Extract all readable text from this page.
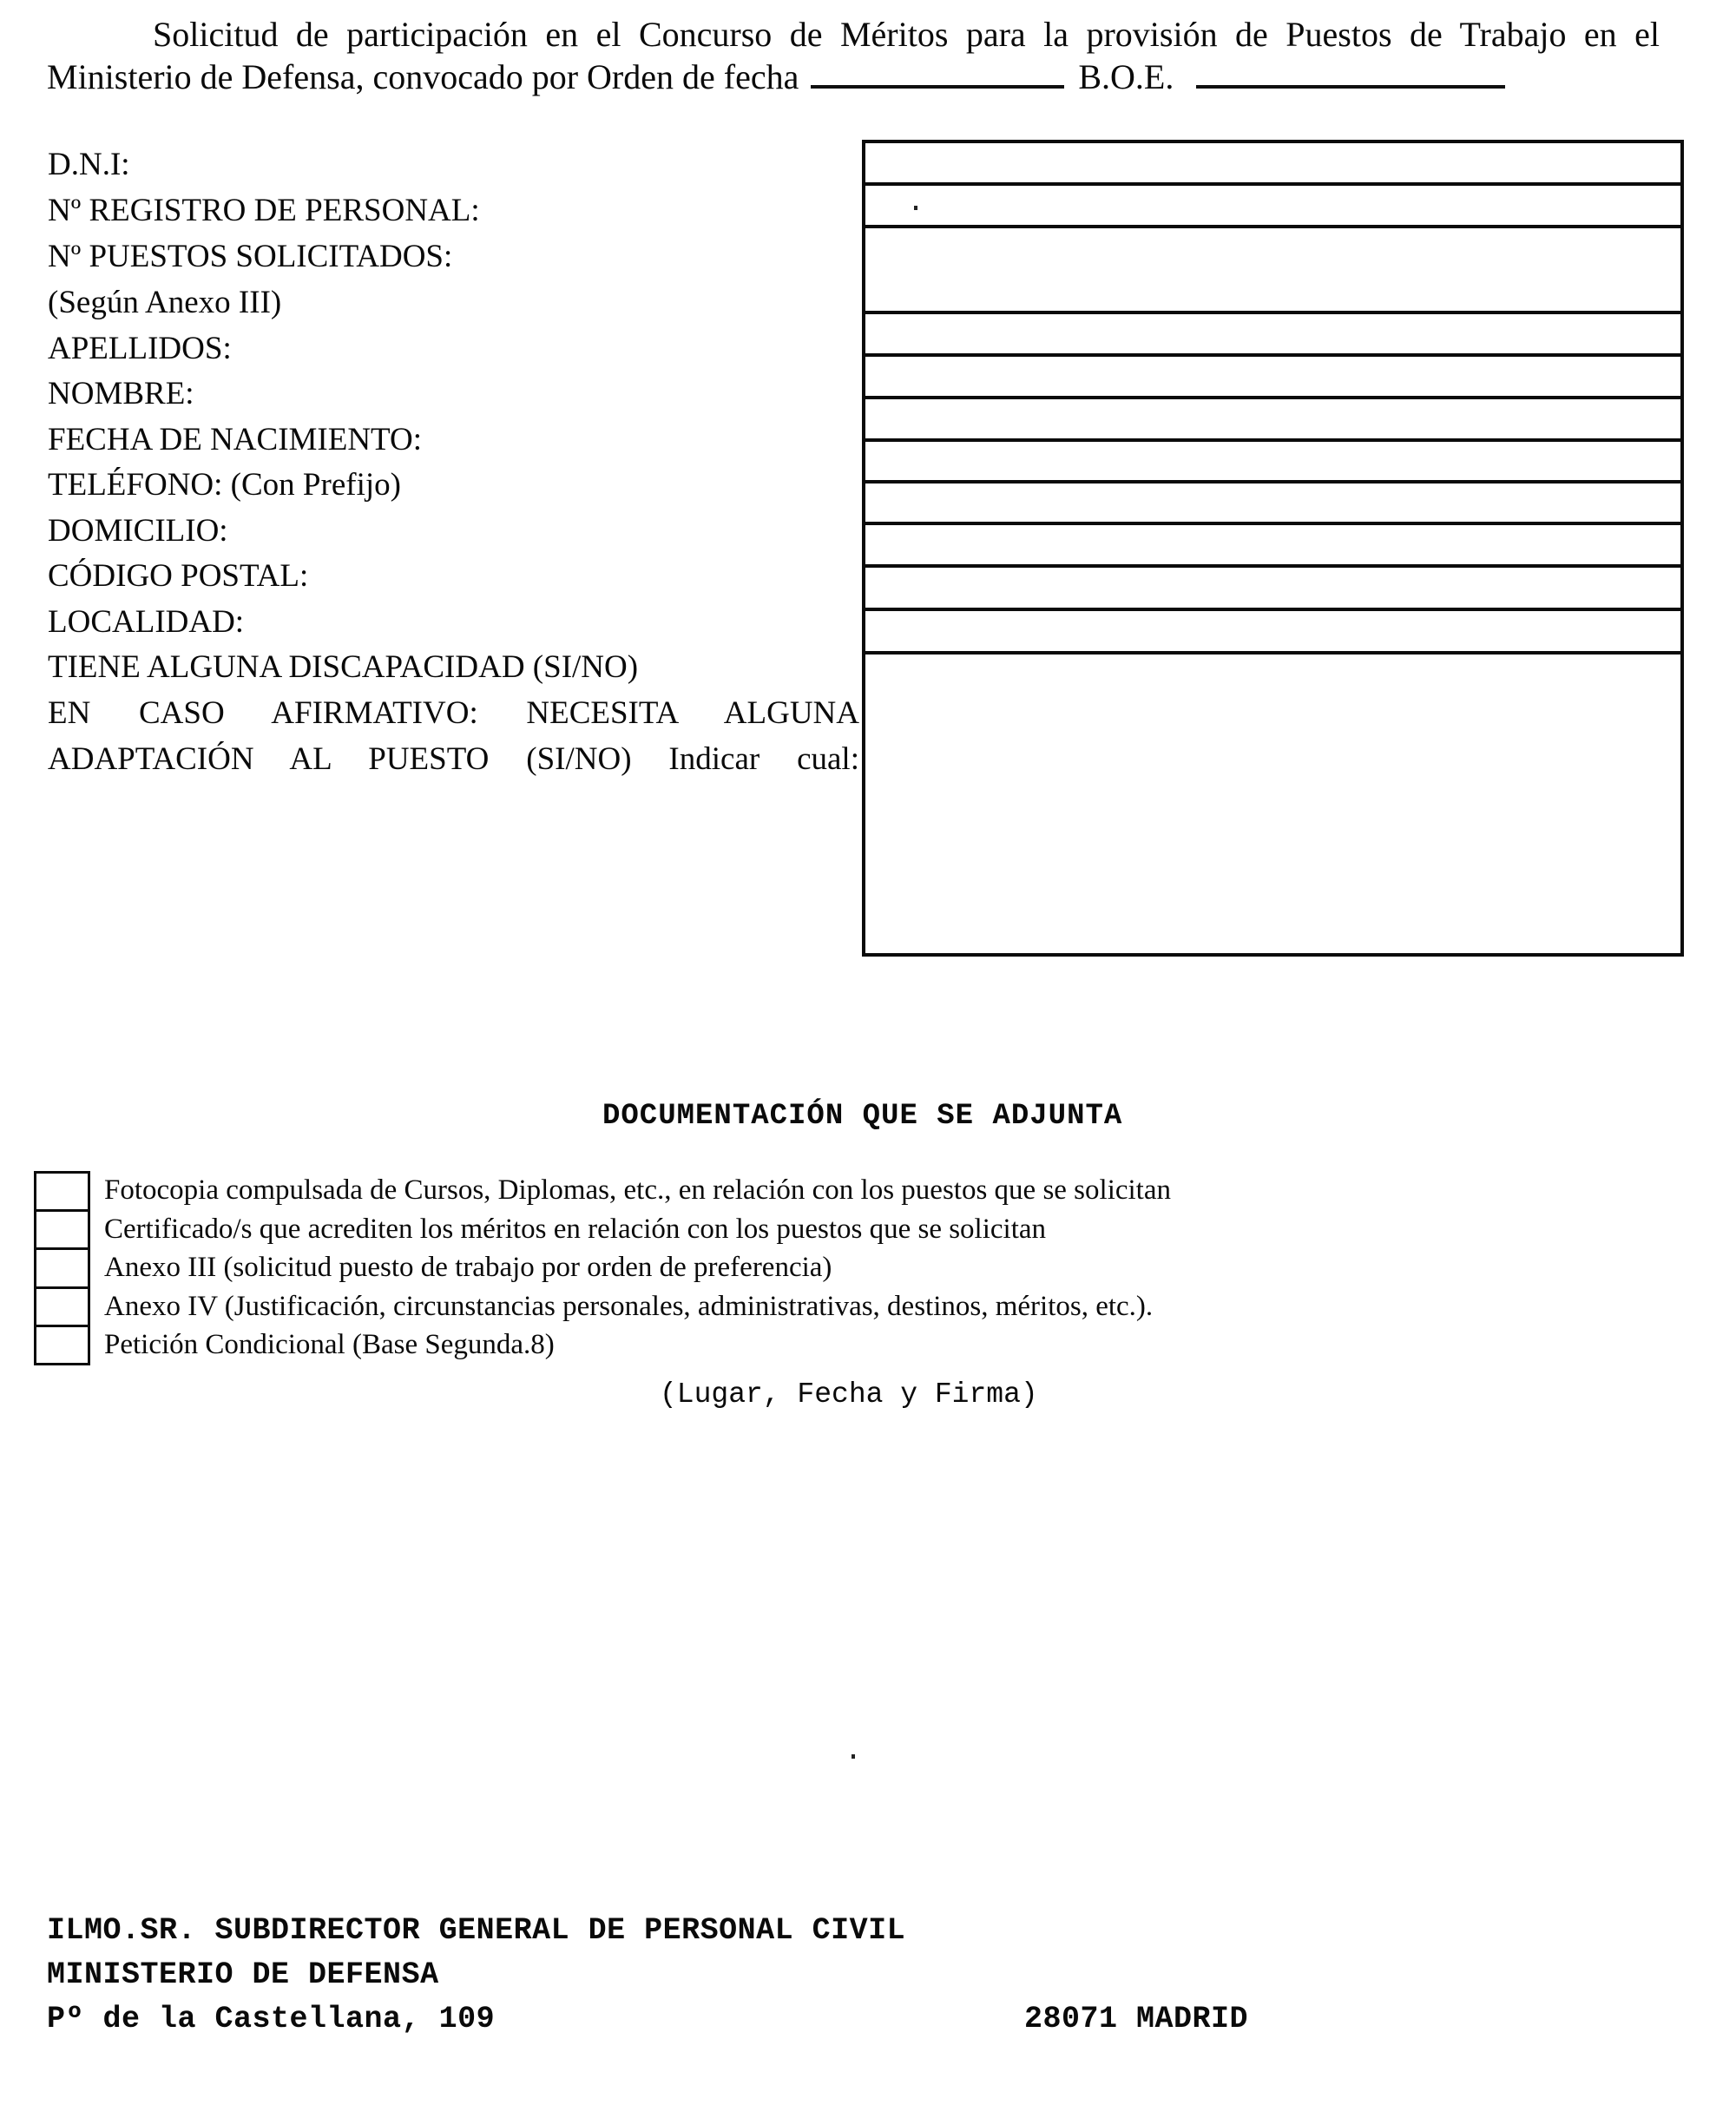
Solicitud de participación en el Concurso de Méritos para la provisión de Puestos de Trabajo en el
Ministerio de Defensa, convocado por Orden de fecha	B.O.E.
D.N.I:
Nº REGISTRO DE PERSONAL:
Nº PUESTOS SOLICITADOS:
(Según Anexo III)
APELLIDOS:
NOMBRE:
FECHA DE NACIMIENTO:
TELÉFONO: (Con Prefijo)
DOMICILIO:
CÓDIGO POSTAL:
LOCALIDAD:
TIENE ALGUNA DISCAPACIDAD (SI/NO)
EN CASO AFIRMATIVO: NECESITA ALGUNA
ADAPTACIÓN AL PUESTO (SI/NO) Indicar cual:
DOCUMENTACIÓN QUE SE ADJUNTA
Fotocopia compulsada de Cursos, Diplomas, etc., en relación con los puestos que se solicitan
Certificado/s que acrediten los méritos en relación con los puestos que se solicitan
Anexo III (solicitud puesto de trabajo por orden de preferencia)
Anexo IV (Justificación, circunstancias personales, administrativas, destinos, méritos, etc.).
Petición Condicional (Base Segunda.8)
(Lugar, Fecha y Firma)
ILMO.SR. SUBDIRECTOR GENERAL DE PERSONAL CIVIL
MINISTERIO DE DEFENSA
Pº de la Castellana, 109	28071 MADRID
